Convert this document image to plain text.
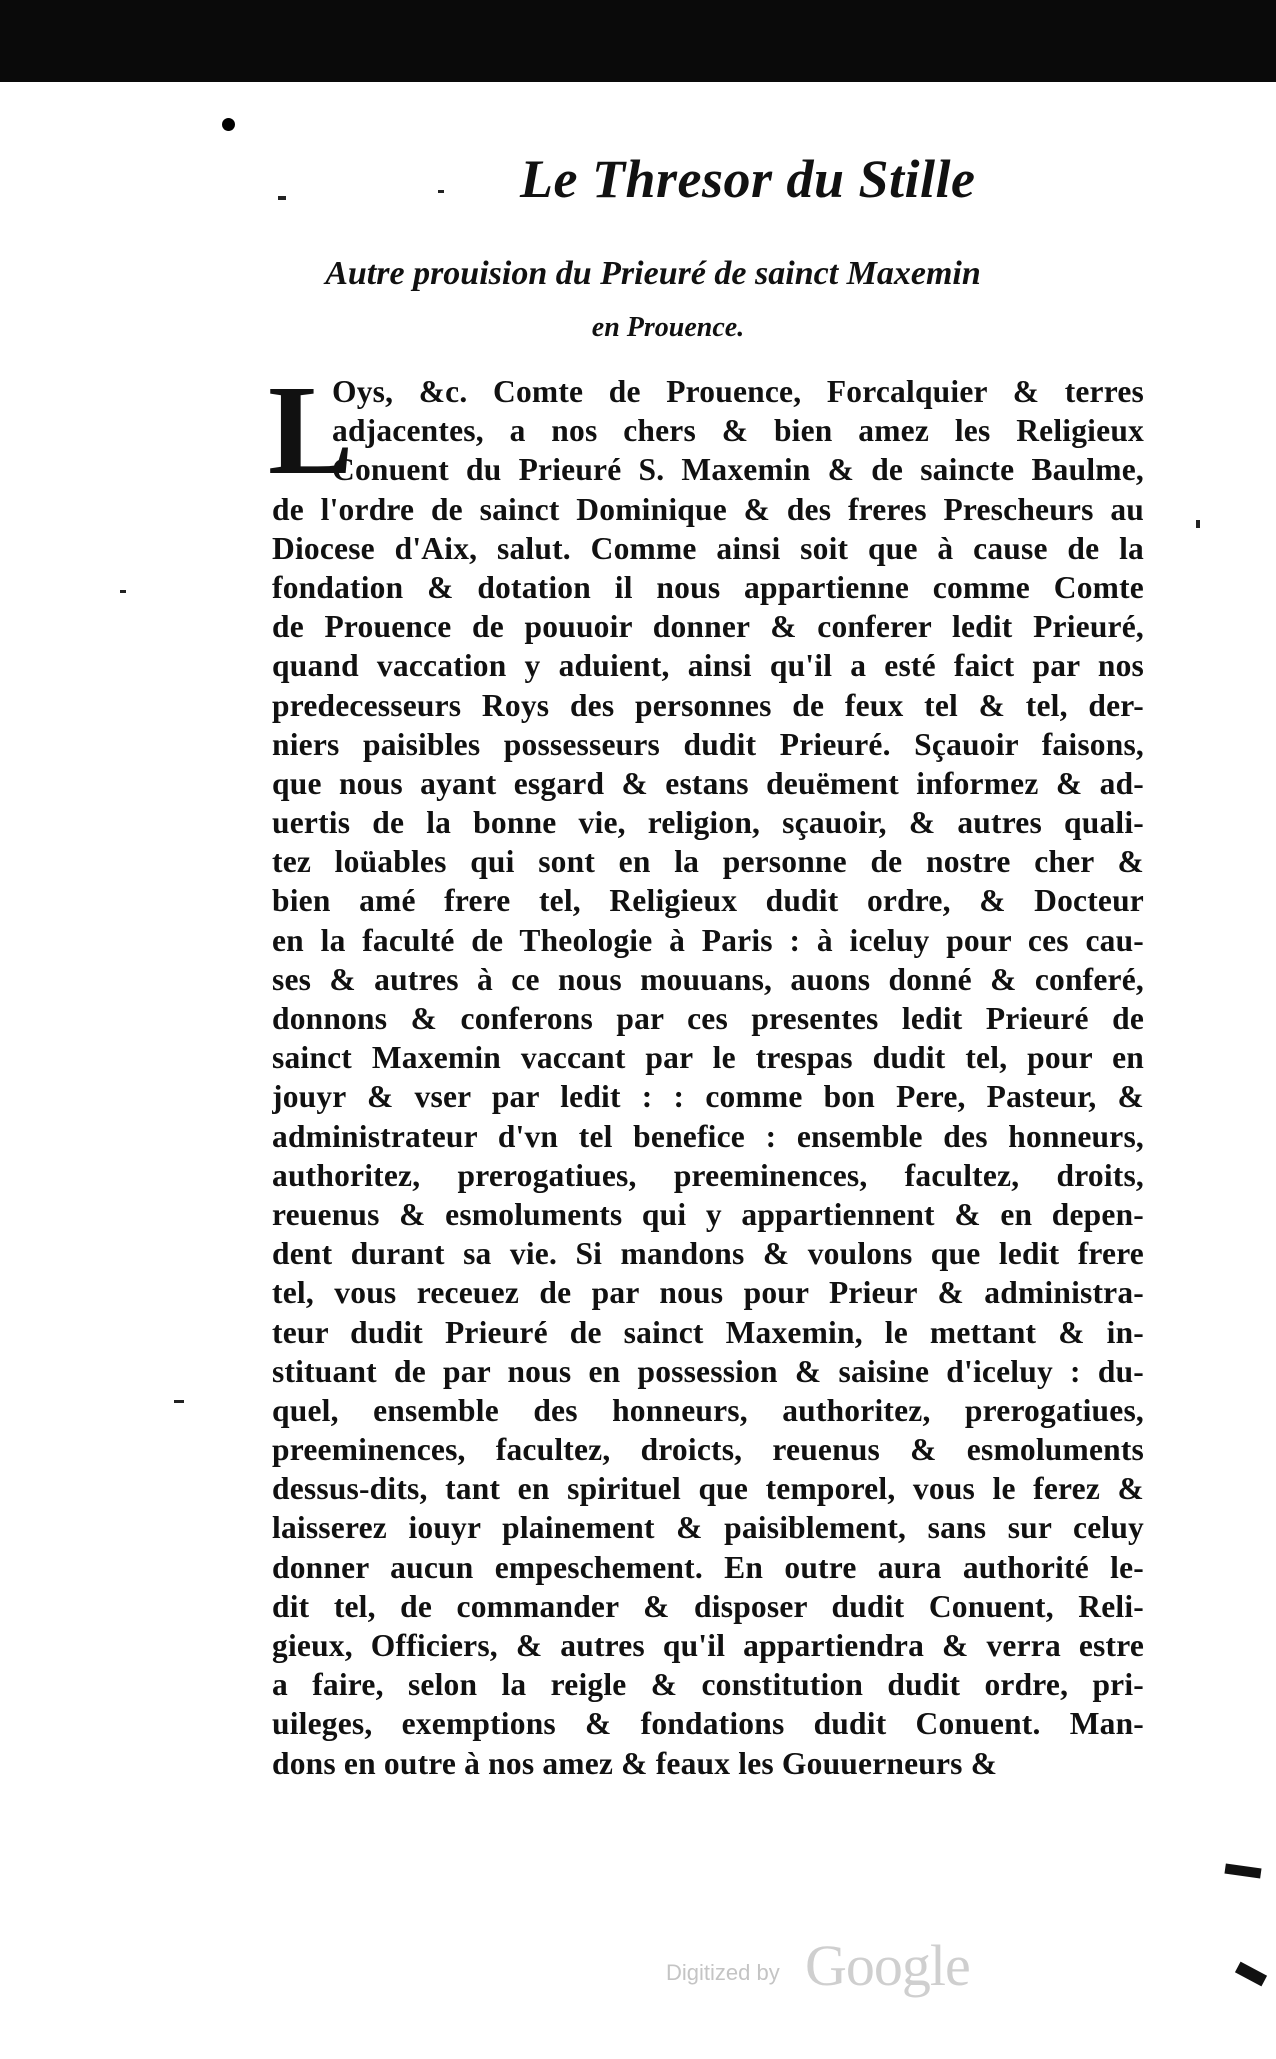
Le Thresor du Stille
Autre prouision du Prieuré de sainct Maxemin
en Prouence.
L
Oys, &c. Comte de Prouence, Forcalquier & terres
adjacentes, a nos chers & bien amez les Religieux
Conuent du Prieuré S. Maxemin & de saincte Baulme,
de l'ordre de sainct Dominique & des freres Prescheurs au
Diocese d'Aix, salut. Comme ainsi soit que à cause de la
fondation & dotation il nous appartienne comme Comte
de Prouence de pouuoir donner & conferer ledit Prieuré,
quand vaccation y aduient, ainsi qu'il a esté faict par nos
predecesseurs Roys des personnes de feux tel & tel, der-
niers paisibles possesseurs dudit Prieuré. Sçauoir faisons,
que nous ayant esgard & estans deuëment informez & ad-
uertis de la bonne vie, religion, sçauoir, & autres quali-
tez loüables qui sont en la personne de nostre cher &
bien amé frere tel, Religieux dudit ordre, & Docteur
en la faculté de Theologie à Paris : à iceluy pour ces cau-
ses & autres à ce nous mouuans, auons donné & conferé,
donnons & conferons par ces presentes ledit Prieuré de
sainct Maxemin vaccant par le trespas dudit tel, pour en
jouyr & vser par ledit : : comme bon Pere, Pasteur, &
administrateur d'vn tel benefice : ensemble des honneurs,
authoritez, prerogatiues, preeminences, facultez, droits,
reuenus & esmoluments qui y appartiennent & en depen-
dent durant sa vie. Si mandons & voulons que ledit frere
tel, vous receuez de par nous pour Prieur & administra-
teur dudit Prieuré de sainct Maxemin, le mettant & in-
stituant de par nous en possession & saisine d'iceluy : du-
quel, ensemble des honneurs, authoritez, prerogatiues,
preeminences, facultez, droicts, reuenus & esmoluments
dessus-dits, tant en spirituel que temporel, vous le ferez &
laisserez iouyr plainement & paisiblement, sans sur celuy
donner aucun empeschement. En outre aura authorité le-
dit tel, de commander & disposer dudit Conuent, Reli-
gieux, Officiers, & autres qu'il appartiendra & verra estre
a faire, selon la reigle & constitution dudit ordre, pri-
uileges, exemptions & fondations dudit Conuent. Man-
dons en outre à nos amez & feaux les Gouuerneurs &
Digitized by Google
